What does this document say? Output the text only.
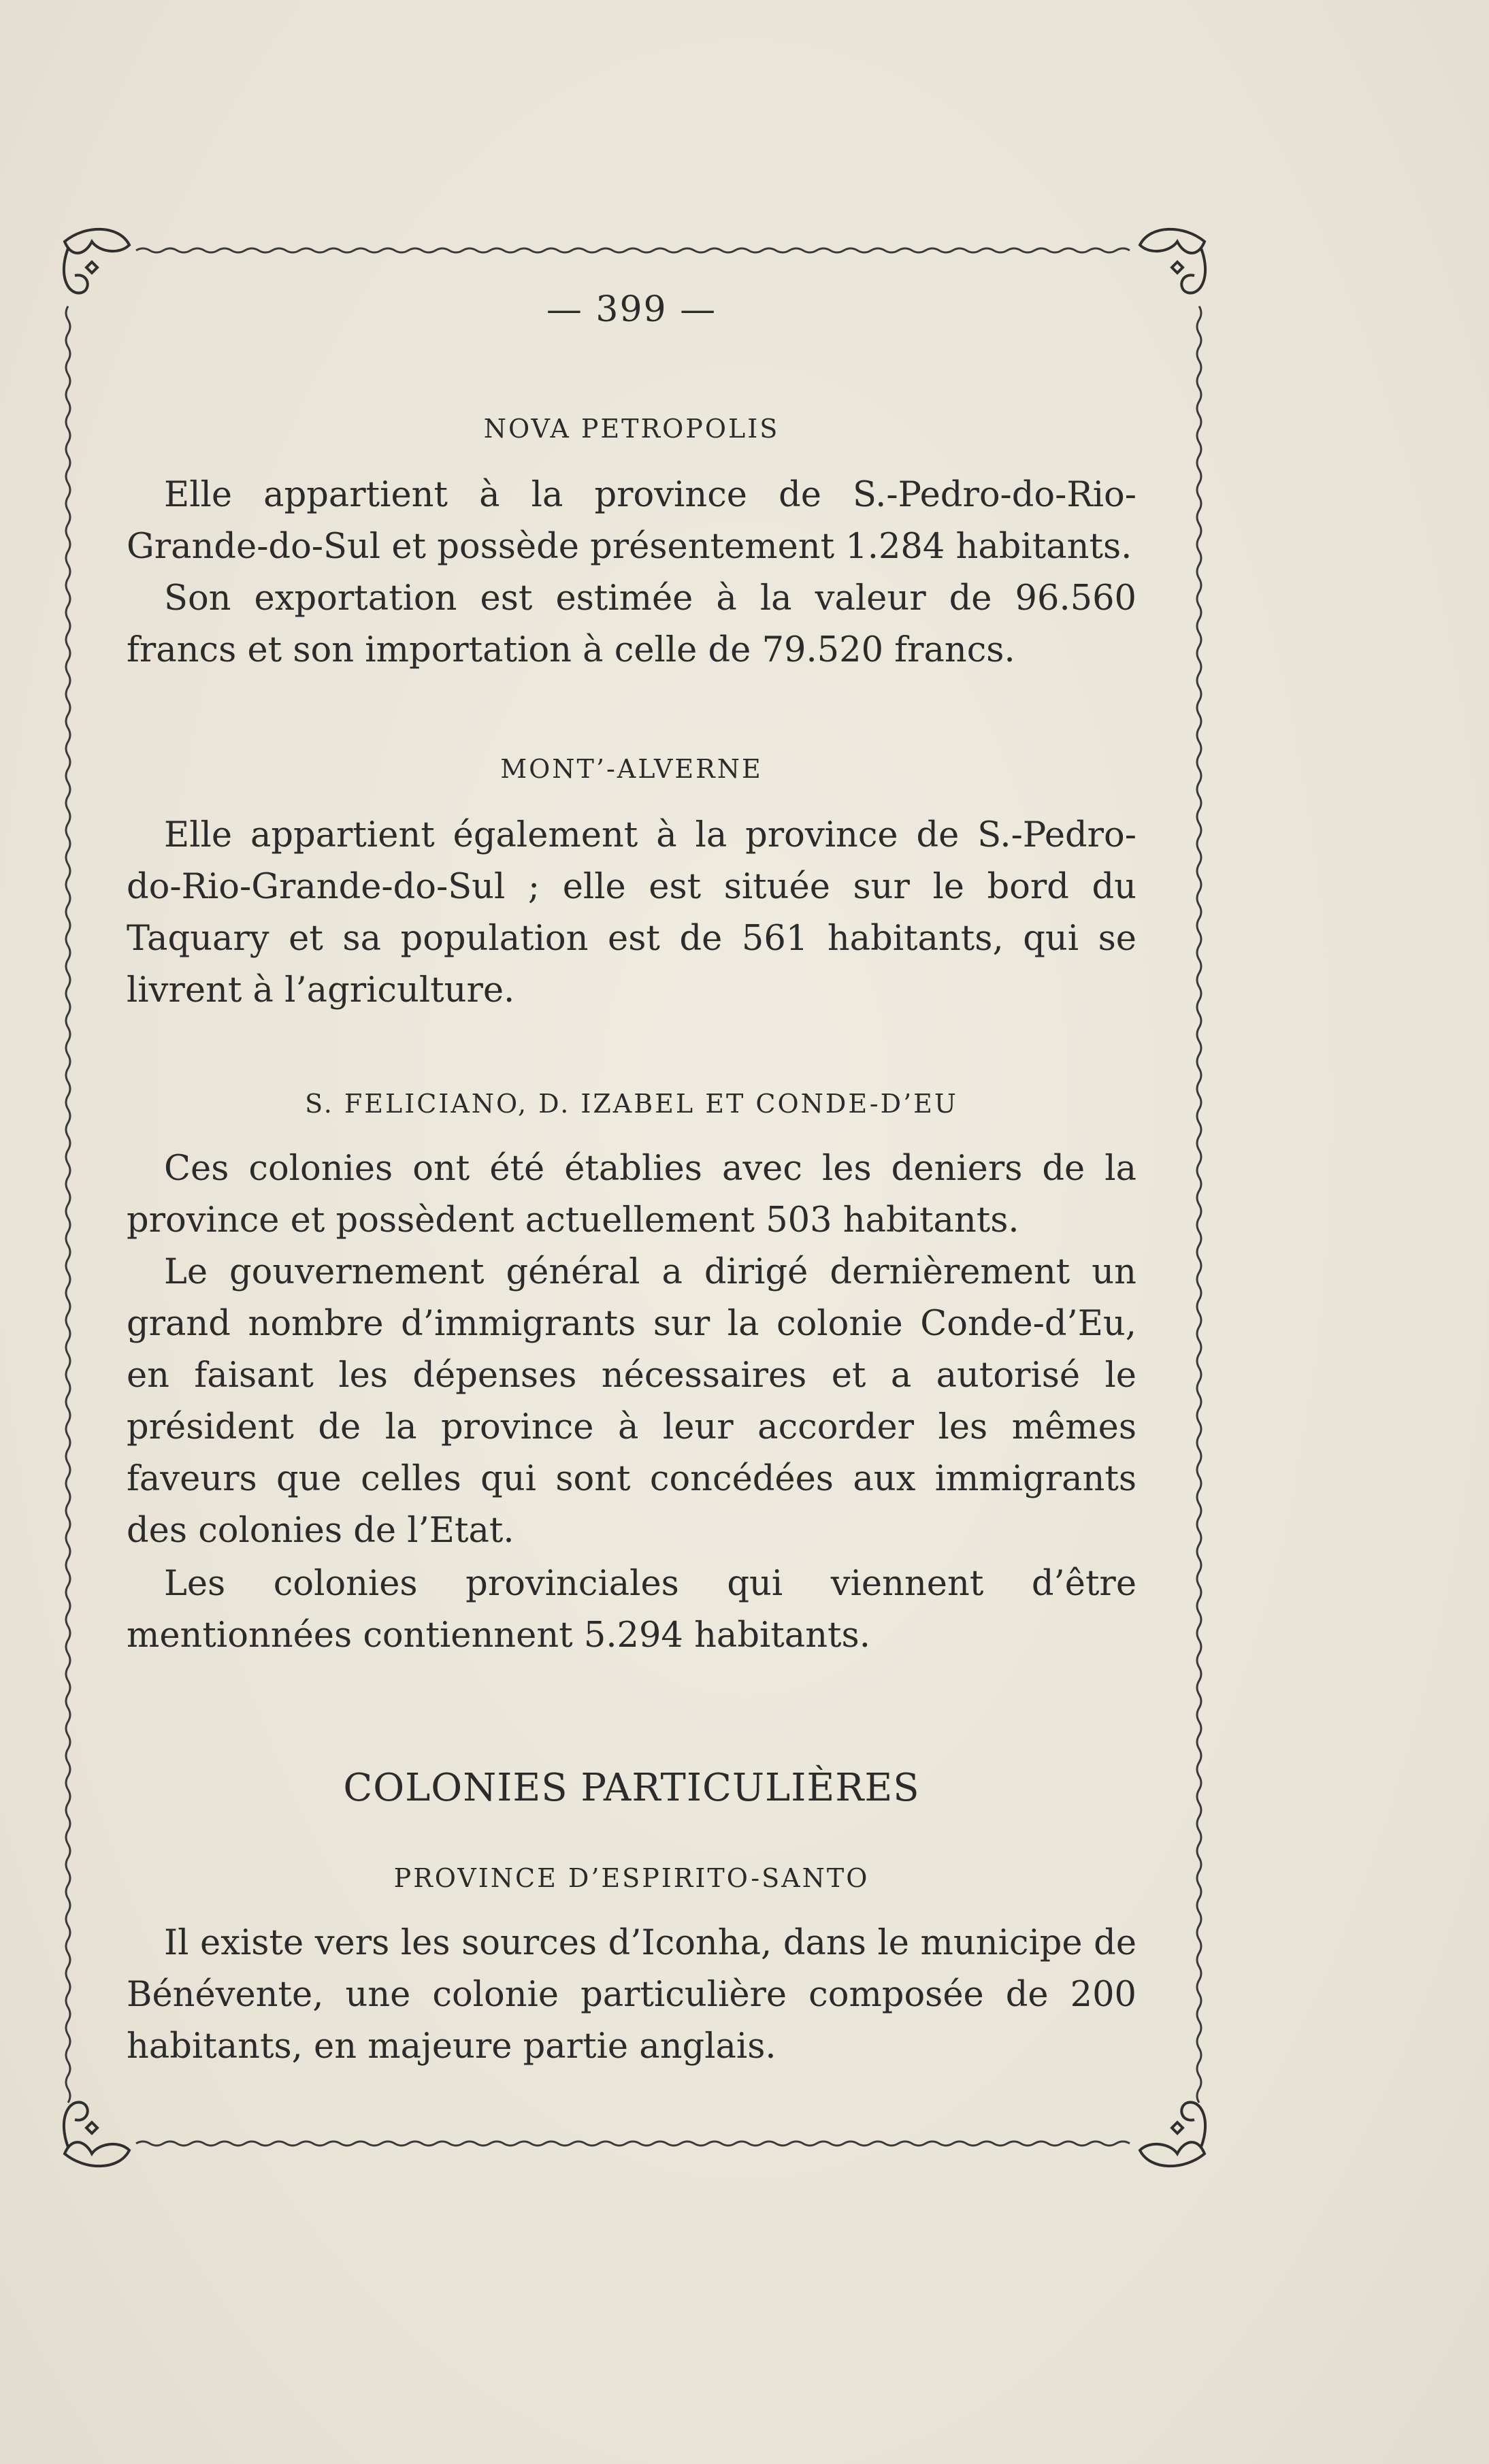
— 399 —
NOVA PETROPOLIS

Elle appartient à la province de S.-Pedro-do-Rio-Grande-do-Sul et possède présentement 1.284 habitants.

Son exportation est estimée à la valeur de 96.560 francs et son importation à celle de 79.520 francs.

MONT’-ALVERNE

Elle appartient également à la province de S.-Pedro-do-Rio-Grande-do-Sul ; elle est située sur le bord du Taquary et sa population est de 561 habitants, qui se livrent à l’agriculture.

S. FELICIANO, D. IZABEL ET CONDE-D’EU

Ces colonies ont été établies avec les deniers de la province et possèdent actuellement 503 habitants.

Le gouvernement général a dirigé dernièrement un grand nombre d’immigrants sur la colonie Conde-d’Eu, en faisant les dépenses nécessaires et a autorisé le président de la province à leur accorder les mêmes faveurs que celles qui sont concédées aux immigrants des colonies de l’Etat.

Les colonies provinciales qui viennent d’être mentionnées contiennent 5.294 habitants.

COLONIES PARTICULIÈRES
PROVINCE D’ESPIRITO-SANTO

Il existe vers les sources d’Iconha, dans le municipe de Bénévente, une colonie particulière composée de 200 habitants, en majeure partie anglais.
